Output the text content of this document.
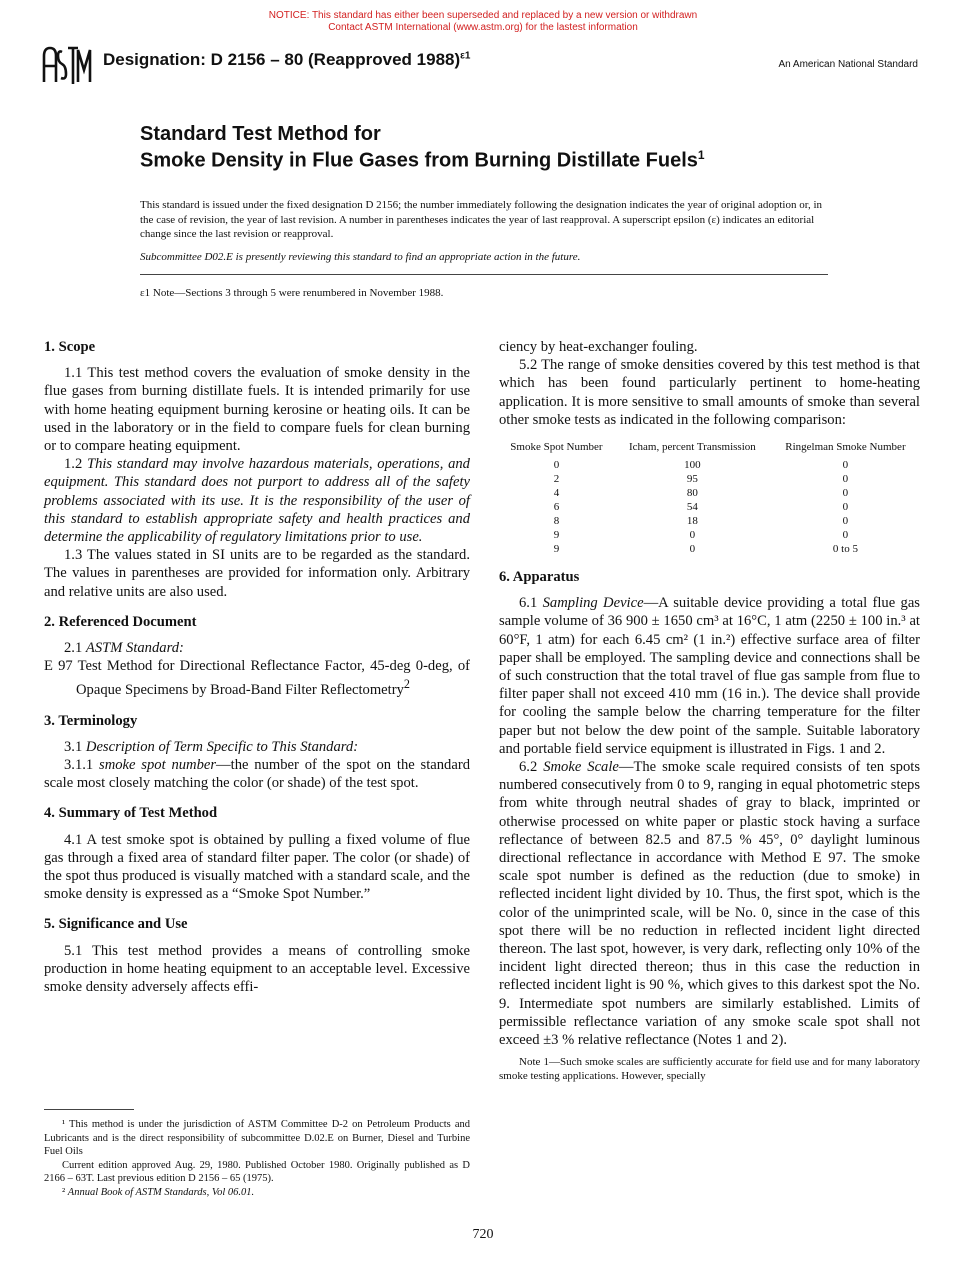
NOTICE: This standard has either been superseded and replaced by a new version or withdrawn
Contact ASTM International (www.astm.org) for the lastest information
Designation: D 2156 – 80 (Reapproved 1988)$^{\varepsilon 1}$
An American National Standard
Standard Test Method for
Smoke Density in Flue Gases from Burning Distillate Fuels$^1$
This standard is issued under the fixed designation D 2156; the number immediately following the designation indicates the year of original adoption or, in the case of revision, the year of last revision. A number in parentheses indicates the year of last reapproval. A superscript epsilon (ε) indicates an editorial change since the last revision or reapproval.
Subcommittee D02.E is presently reviewing this standard to find an appropriate action in the future.
ε1 Note—Sections 3 through 5 were renumbered in November 1988.
1. Scope

1.1 This test method covers the evaluation of smoke density in the flue gases from burning distillate fuels. It is intended primarily for use with home heating equipment burning kerosine or heating oils. It can be used in the laboratory or in the field to compare fuels for clean burning or to compare heating equipment.

1.2 This standard may involve hazardous materials, operations, and equipment. This standard does not purport to address all of the safety problems associated with its use. It is the responsibility of the user of this standard to establish appropriate safety and health practices and determine the applicability of regulatory limitations prior to use.

1.3 The values stated in SI units are to be regarded as the standard. The values in parentheses are provided for information only. Arbitrary and relative units are also used.

2. Referenced Document

2.1 ASTM Standard:

E 97 Test Method for Directional Reflectance Factor, 45-deg 0-deg, of Opaque Specimens by Broad-Band Filter Reflectometry$^2$

3. Terminology

3.1 Description of Term Specific to This Standard:

3.1.1 smoke spot number—the number of the spot on the standard scale most closely matching the color (or shade) of the test spot.

4. Summary of Test Method

4.1 A test smoke spot is obtained by pulling a fixed volume of flue gas through a fixed area of standard filter paper. The color (or shade) of the spot thus produced is visually matched with a standard scale, and the smoke density is expressed as a “Smoke Spot Number.”

5. Significance and Use

5.1 This test method provides a means of controlling smoke production in home heating equipment to an acceptable level. Excessive smoke density adversely affects effi-

¹ This method is under the jurisdiction of ASTM Committee D-2 on Petroleum Products and Lubricants and is the direct responsibility of subcommittee D.02.E on Burner, Diesel and Turbine Fuel Oils

Current edition approved Aug. 29, 1980. Published October 1980. Originally published as D 2166 – 63T. Last previous edition D 2156 – 65 (1975).

² Annual Book of ASTM Standards, Vol 06.01.

ciency by heat-exchanger fouling.

5.2 The range of smoke densities covered by this test method is that which has been found particularly pertinent to home-heating application. It is more sensitive to small amounts of smoke than several other smoke tests as indicated in the following comparison:

Smoke Spot Number	Icham, percent Transmission	Ringelman Smoke Number
0	100	0
2	95	0
4	80	0
6	54	0
8	18	0
9	0	0
9	0	0 to 5
6. Apparatus

6.1 Sampling Device—A suitable device providing a total flue gas sample volume of 36 900 ± 1650 cm³ at 16°C, 1 atm (2250 ± 100 in.³ at 60°F, 1 atm) for each 6.45 cm² (1 in.²) effective surface area of filter paper shall be employed. The sampling device and connections shall be of such construction that the total travel of flue gas sample from flue to filter paper shall not exceed 410 mm (16 in.). The device shall provide for cooling the sample below the charring temperature for the filter paper but not below the dew point of the sample. Suitable laboratory and portable field service equipment is illustrated in Figs. 1 and 2.

6.2 Smoke Scale—The smoke scale required consists of ten spots numbered consecutively from 0 to 9, ranging in equal photometric steps from white through neutral shades of gray to black, imprinted or otherwise processed on white paper or plastic stock having a surface reflectance of between 82.5 and 87.5 % 45°, 0° daylight luminous directional reflectance in accordance with Method E 97. The smoke scale spot number is defined as the reduction (due to smoke) in reflected incident light divided by 10. Thus, the first spot, which is the color of the unimprinted scale, will be No. 0, since in the case of this spot there will be no reduction in reflected incident light directed thereon. The last spot, however, is very dark, reflecting only 10% of the incident light directed thereon; thus in this case the reduction in reflected incident light is 90 %, which gives to this darkest spot the No. 9. Intermediate spot numbers are similarly established. Limits of permissible reflectance variation of any smoke scale spot shall not exceed ±3 % relative reflectance (Notes 1 and 2).

Note 1—Such smoke scales are sufficiently accurate for field use and for many laboratory smoke testing applications. However, specially

720
